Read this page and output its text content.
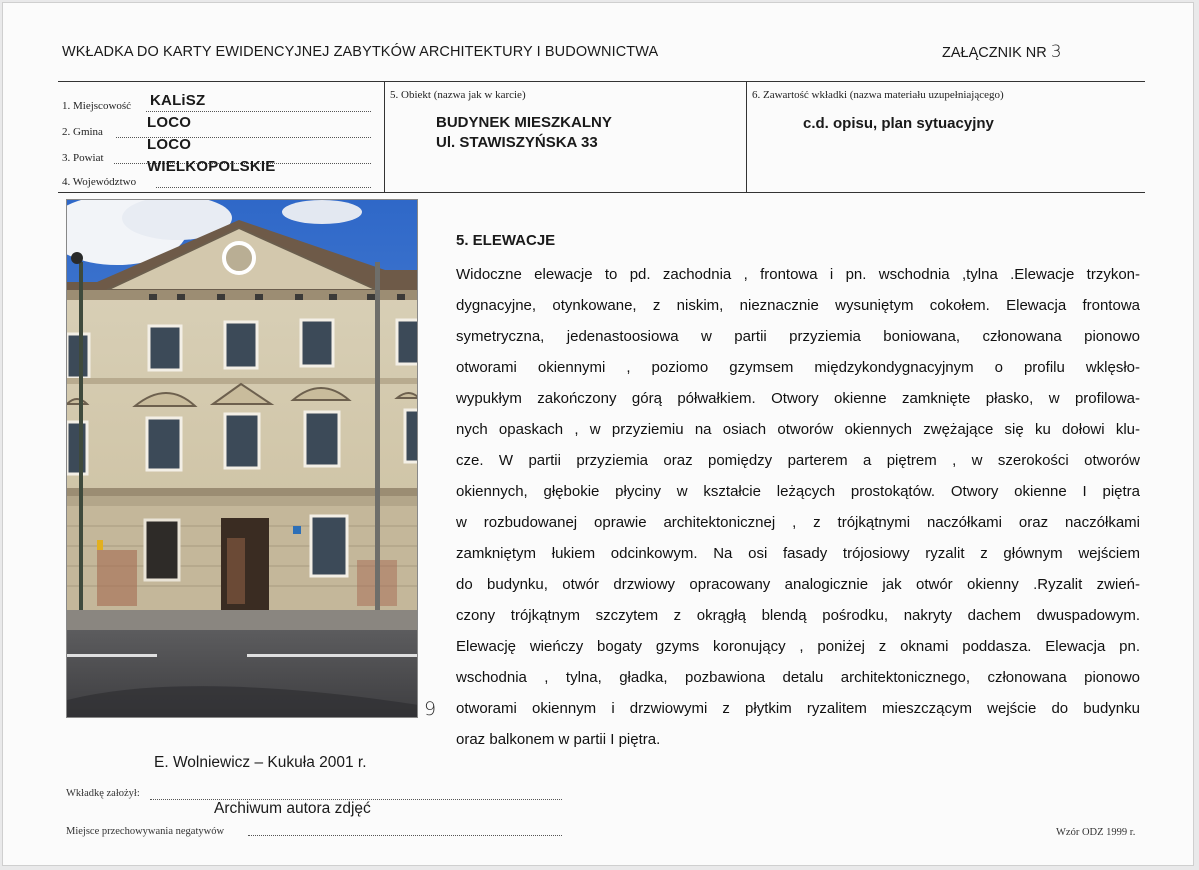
WKŁADKA DO KARTY EWIDENCYJNEJ ZABYTKÓW ARCHITEKTURY I BUDOWNICTWA	ZAŁĄCZNIK NR 3
1. Miejscowość KALiSZ
2. Gmina
LOCO
3. Powiat
LOCO
4. Województwo
WIELKOPOLSKIE
5. Obiekt (nazwa jak w karcie)
BUDYNEK MIESZKALNY
Ul. STAWISZYŃSKA 33
6. Zawartość wkładki (nazwa materiału uzupełniającego)
c.d. opisu, plan sytuacyjny
9
E. Wolniewicz – Kukuła 2001 r.
5. ELEWACJE
Widoczne elewacje to pd. zachodnia , frontowa i pn. wschodnia ,tylna .Elewacje trzykon-
dygnacyjne, otynkowane, z niskim, nieznacznie wysuniętym cokołem. Elewacja frontowa
symetryczna, jedenastoosiowa w partii przyziemia boniowana, członowana pionowo
otworami okiennymi , poziomo gzymsem międzykondygnacyjnym o profilu wklęsło-
wypukłym zakończony górą półwałkiem. Otwory okienne zamknięte płasko, w profilowa-
nych opaskach , w przyziemiu na osiach otworów okiennych zwężające się ku dołowi klu-
cze. W partii przyziemia oraz pomiędzy parterem a piętrem , w szerokości otworów
okiennych, głębokie płyciny w kształcie leżących prostokątów. Otwory okienne I piętra
w rozbudowanej oprawie architektonicznej , z trójkątnymi naczółkami oraz naczółkami
zamkniętym łukiem odcinkowym. Na osi fasady trójosiowy ryzalit z głównym wejściem
do budynku, otwór drzwiowy opracowany analogicznie jak otwór okienny .Ryzalit zwień-
czony trójkątnym szczytem z okrągłą blendą pośrodku, nakryty dachem dwuspadowym.
Elewację wieńczy bogaty gzyms koronujący , poniżej z oknami poddasza. Elewacja pn.
wschodnia , tylna, gładka, pozbawiona detalu architektonicznego, członowana pionowo
otworami okiennym i drzwiowymi z płytkim ryzalitem mieszczącym wejście do budynku
oraz balkonem w partii I piętra.
Wkładkę założył:
Archiwum autora zdjęć
Miejsce przechowywania negatywów	Wzór ODZ 1999 r.
